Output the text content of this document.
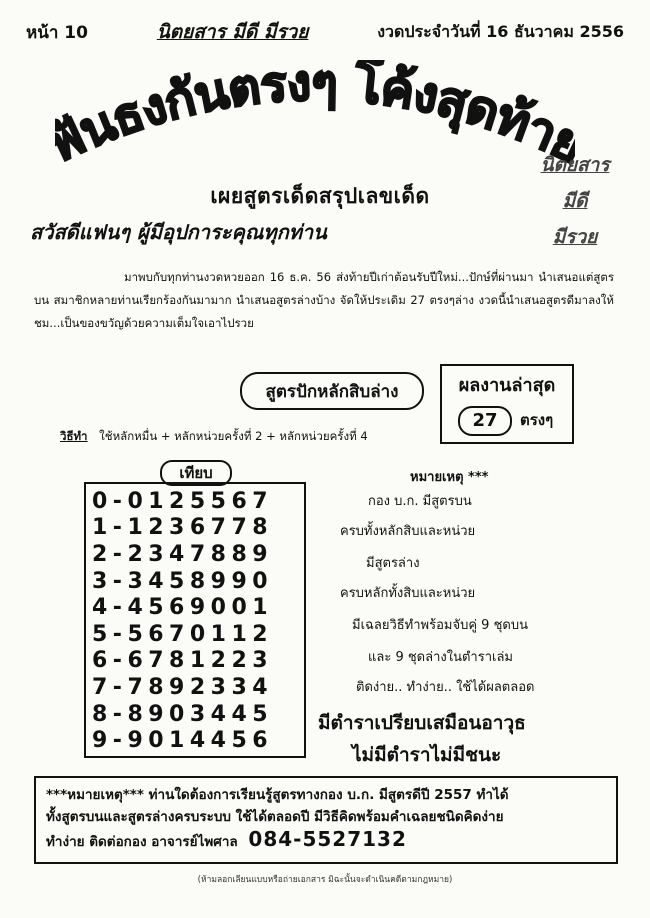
หน้า 10	นิตยสาร มีดี มีรวย	งวดประจำวันที่ 16 ธันวาคม 2556
นธงกันตรงๆ โค้งสุดท้า
นิตยสาร
มีดี
มีรวย
เผยสูตรเด็ดสรุปเลขเด็ด
สวัสดีแฟนๆ ผู้มีอุปการะคุณทุกท่าน
มาพบกับทุกท่านงวดหวยออก 16 ธ.ค. 56 ส่งท้ายปีเก่าต้อนรับปีใหม่...ปักษ์ที่ผ่านมา นำเสนอแต่สูตรบน สมาชิกหลายท่านเรียกร้องกันมามาก นำเสนอสูตรล่างบ้าง จัดให้ประเดิม 27 ตรงๆล่าง งวดนี้นำเสนอสูตรดีมาลงให้ชม...เป็นของขวัญด้วยความเต็มใจเอาไปรวย
สูตรปักหลักสิบล่าง	ผลงานล่าสุด
27	ตรงๆ
วิธีทำ ใช้หลักหมื่น + หลักหน่วยครั้งที่ 2 + หลักหน่วยครั้งที่ 4
เทียบ
0-0125567
1-1236778
2-2347889
3-3458990
4-4569001
5-5670112
6-6781223
7-7892334
8-8903445
9-9014456
หมายเหตุ ***
กอง บ.ก. มีสูตรบน
ครบทั้งหลักสิบและหน่วย
มีสูตรล่าง
ครบหลักทั้งสิบและหน่วย
มีเฉลยวิธีทำพร้อมจับคู่ 9 ชุดบน
และ 9 ชุดล่างในตำราเล่ม
ติดง่าย.. ทำง่าย.. ใช้ได้ผลตลอด
มีตำราเปรียบเสมือนอาวุธ
ไม่มีตำราไม่มีชนะ
***หมายเหตุ*** ท่านใดต้องการเรียนรู้สูตรทางกอง บ.ก. มีสูตรดีปี 2557 ทำได้
ทั้งสูตรบนและสูตรล่างครบระบบ ใช้ได้ตลอดปี มีวิธีคิดพร้อมคำเฉลยชนิดคิดง่าย
ทำง่าย ติดต่อกอง อาจารย์ไพศาล 084-5527132
(ห้ามลอกเลียนแบบหรือถ่ายเอกสาร มิฉะนั้นจะดำเนินคดีตามกฎหมาย)
